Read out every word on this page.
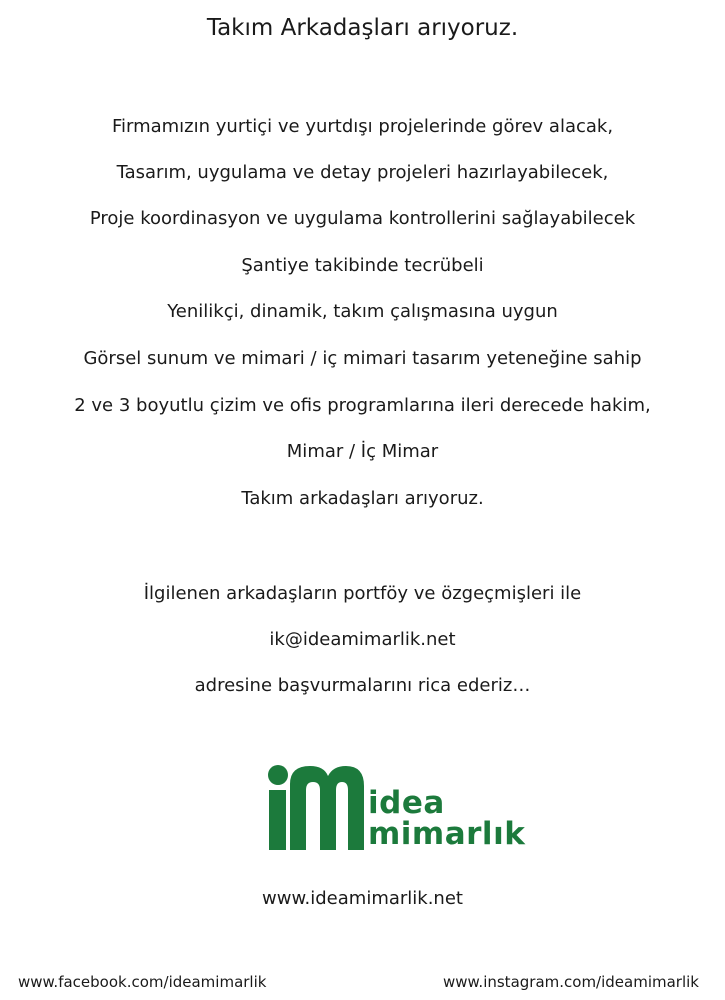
Takım Arkadaşları arıyoruz.
Firmamızın yurtiçi ve yurtdışı projelerinde görev alacak,
Tasarım, uygulama ve detay projeleri hazırlayabilecek,
Proje koordinasyon ve uygulama kontrollerini sağlayabilecek
Şantiye takibinde tecrübeli
Yenilikçi, dinamik, takım çalışmasına uygun
Görsel sunum ve mimari / iç mimari tasarım yeteneğine sahip
2 ve 3 boyutlu çizim ve ofis programlarına ileri derecede hakim,
Mimar / İç Mimar
Takım arkadaşları arıyoruz.
İlgilenen arkadaşların portföy ve özgeçmişleri ile
ik@ideamimarlik.net
adresine başvurmalarını rica ederiz…
idea
mimarlık
www.ideamimarlik.net
www.facebook.com/ideamimarlik	www.instagram.com/ideamimarlik
